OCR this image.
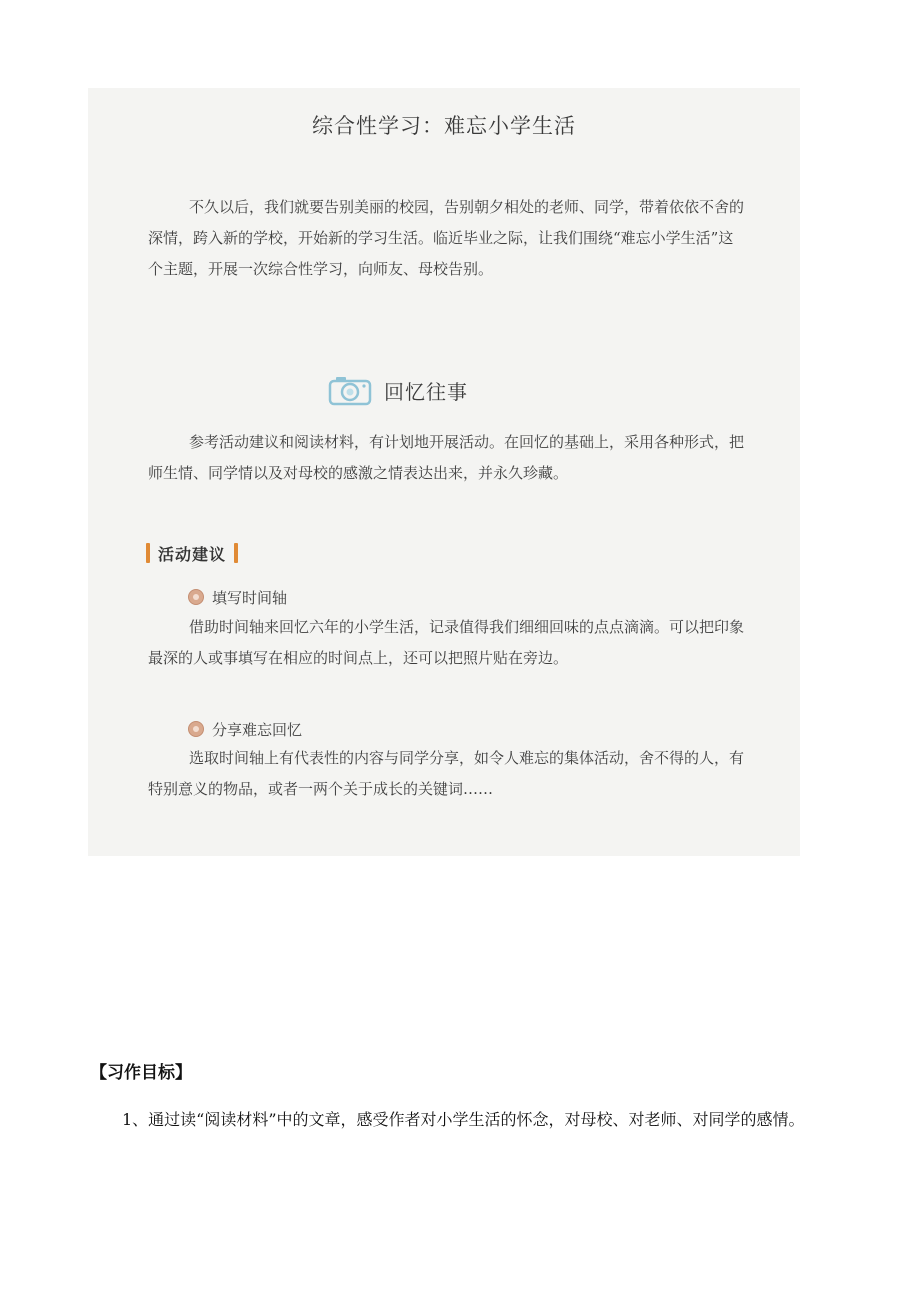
综合性学习：难忘小学生活

不久以后，我们就要告别美丽的校园，告别朝夕相处的老师、同学，带着依依不舍的深情，跨入新的学校，开始新的学习生活。临近毕业之际，让我们围绕“难忘小学生活”这个主题，开展一次综合性学习，向师友、母校告别。

回忆往事

参考活动建议和阅读材料，有计划地开展活动。在回忆的基础上，采用各种形式，把师生情、同学情以及对母校的感激之情表达出来，并永久珍藏。

活动建议
填写时间轴

借助时间轴来回忆六年的小学生活，记录值得我们细细回味的点点滴滴。可以把印象最深的人或事填写在相应的时间点上，还可以把照片贴在旁边。

分享难忘回忆

选取时间轴上有代表性的内容与同学分享，如令人难忘的集体活动，舍不得的人，有特别意义的物品，或者一两个关于成长的关键词……

【习作目标】

1、通过读“阅读材料”中的文章，感受作者对小学生活的怀念，对母校、对老师、对同学的感情。
